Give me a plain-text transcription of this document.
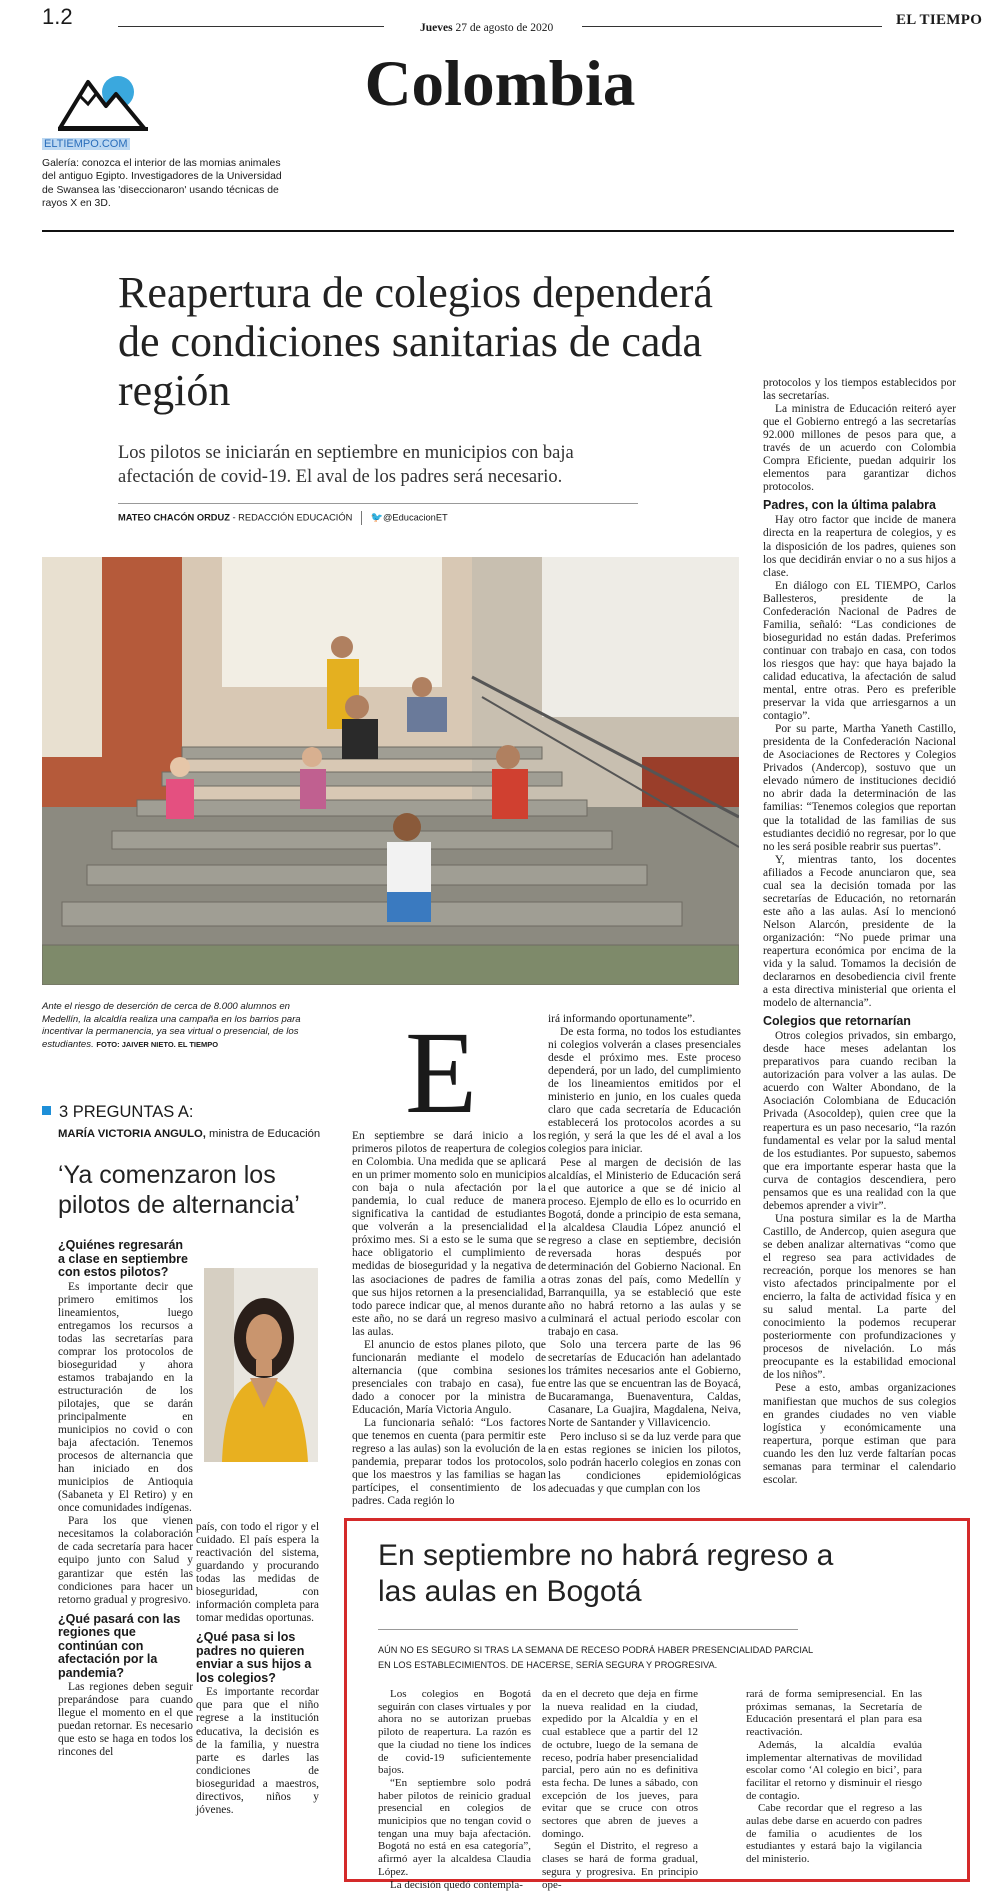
1.2	Jueves 27 de agosto de 2020	EL TIEMPO
Colombia
ELTIEMPO.COM
Galería: conozca el interior de las momias animales del antiguo Egipto. Investigadores de la Universidad de Swansea las 'diseccionaron' usando técnicas de rayos X en 3D.
Reapertura de colegios dependerá de condiciones sanitarias de cada región
Los pilotos se iniciarán en septiembre en municipios con baja afectación de covid-19. El aval de los padres será necesario.
MATEO CHACÓN ORDUZ - REDACCIÓN EDUCACIÓN 🐦@EducacionET
Ante el riesgo de deserción de cerca de 8.000 alumnos en Medellín, la alcaldía realiza una campaña en los barrios para incentivar la permanencia, ya sea virtual o presencial, de los estudiantes. FOTO: JAIVER NIETO. EL TIEMPO	E

En septiembre se dará inicio a los primeros pilotos de reapertura de colegios en Colombia. Una medida que se aplicará en un primer momento solo en municipios con baja o nula afectación por la pandemia, lo cual reduce de manera significativa la cantidad de estudiantes que volverán a la presencialidad el próximo mes. Si a esto se le suma que se hace obligatorio el cumplimiento de medidas de bioseguridad y la negativa de las asociaciones de padres de familia a que sus hijos retornen a la presencialidad, todo parece indicar que, al menos durante este año, no se dará un regreso masivo a las aulas.

El anuncio de estos planes piloto, que funcionarán mediante el modelo de alternancia (que combina sesiones presenciales con trabajo en casa), fue dado a conocer por la ministra de Educación, María Victoria Angulo.

La funcionaria señaló: “Los factores que tenemos en cuenta (para permitir este regreso a las aulas) son la evolución de la pandemia, preparar todos los protocolos, que los maestros y las familias se hagan partícipes, el consentimiento de los padres. Cada región lo

irá informando oportunamente”.

De esta forma, no todos los estudiantes ni colegios volverán a clases presenciales desde el próximo mes. Este proceso dependerá, por un lado, del cumplimiento de los lineamientos emitidos por el ministerio en junio, en los cuales queda claro que cada secretaría de Educación establecerá los protocolos acordes a su región, y será la que les dé el aval a los colegios para iniciar.

Pese al margen de decisión de las alcaldías, el Ministerio de Educación será el que autorice a que se dé inicio al proceso. Ejemplo de ello es lo ocurrido en Bogotá, donde a principio de esta semana, la alcaldesa Claudia López anunció el regreso a clase en septiembre, decisión reversada horas después por determinación del Gobierno Nacional. En otras zonas del país, como Medellín y Barranquilla, ya se estableció que este año no habrá retorno a las aulas y se culminará el actual periodo escolar con trabajo en casa.

Solo una tercera parte de las 96 secretarías de Educación han adelantado los trámites necesarios ante el Gobierno, entre las que se encuentran las de Boyacá, Bucaramanga, Buenaventura, Caldas, Casanare, La Guajira, Magdalena, Neiva, Norte de Santander y Villavicencio.

Pero incluso si se da luz verde para que en estas regiones se inicien los pilotos, solo podrán hacerlo colegios en zonas con las condiciones epidemiológicas adecuadas y que cumplan con los

protocolos y los tiempos establecidos por las secretarías.

La ministra de Educación reiteró ayer que el Gobierno entregó a las secretarías 92.000 millones de pesos para que, a través de un acuerdo con Colombia Compra Eficiente, puedan adquirir los elementos para garantizar dichos protocolos.

Padres, con la última palabra

Hay otro factor que incide de manera directa en la reapertura de colegios, y es la disposición de los padres, quienes son los que decidirán enviar o no a sus hijos a clase.

En diálogo con EL TIEMPO, Carlos Ballesteros, presidente de la Confederación Nacional de Padres de Familia, señaló: “Las condiciones de bioseguridad no están dadas. Preferimos continuar con trabajo en casa, con todos los riesgos que hay: que haya bajado la calidad educativa, la afectación de salud mental, entre otras. Pero es preferible preservar la vida que arriesgarnos a un contagio”.

Por su parte, Martha Yaneth Castillo, presidenta de la Confederación Nacional de Asociaciones de Rectores y Colegios Privados (Andercop), sostuvo que un elevado número de instituciones decidió no abrir dada la determinación de las familias: “Tenemos colegios que reportan que la totalidad de las familias de sus estudiantes decidió no regresar, por lo que no les será posible reabrir sus puertas”.

Y, mientras tanto, los docentes afiliados a Fecode anunciaron que, sea cual sea la decisión tomada por las secretarías de Educación, no retornarán este año a las aulas. Así lo mencionó Nelson Alarcón, presidente de la organización: “No puede primar una reapertura económica por encima de la vida y la salud. Tomamos la decisión de declararnos en desobediencia civil frente a esta directiva ministerial que orienta el modelo de alternancia”.

Colegios que retornarían

Otros colegios privados, sin embargo, desde hace meses adelantan los preparativos para cuando reciban la autorización para volver a las aulas. De acuerdo con Walter Abondano, de la Asociación Colombiana de Educación Privada (Asocoldep), quien cree que la reapertura es un paso necesario, “la razón fundamental es velar por la salud mental de los estudiantes. Por supuesto, sabemos que era importante esperar hasta que la curva de contagios descendiera, pero pensamos que es una realidad con la que debemos aprender a vivir”.

Una postura similar es la de Martha Castillo, de Andercop, quien asegura que se deben analizar alternativas “como que el regreso sea para actividades de recreación, porque los menores se han visto afectados principalmente por el encierro, la falta de actividad física y en su salud mental. La parte del conocimiento la podemos recuperar posteriormente con profundizaciones y procesos de nivelación. Lo más preocupante es la estabilidad emocional de los niños”.

Pese a esto, ambas organizaciones manifiestan que muchos de sus colegios en grandes ciudades no ven viable logística y económicamente una reapertura, porque estiman que para cuando les den luz verde faltarían pocas semanas para terminar el calendario escolar.

3 PREGUNTAS A:
MARÍA VICTORIA ANGULO, ministra de Educación
‘Ya comenzaron los pilotos de alternancia’
¿Quiénes regresarán a clase en septiembre con estos pilotos?

Es importante decir que primero emitimos los lineamientos, luego entregamos los recursos a todas las secretarías para comprar los protocolos de bioseguridad y ahora estamos trabajando en la estructuración de los pilotajes, que se darán principalmente en municipios no covid o con baja afectación. Tenemos procesos de alternancia que han iniciado en dos municipios de Antioquia (Sabaneta y El Retiro) y en once comunidades indígenas.

Para los que vienen necesitamos la colaboración de cada secretaría para hacer equipo junto con Salud y garantizar que estén las condiciones para hacer un retorno gradual y progresivo.

¿Qué pasará con las regiones que continúan con afectación por la pandemia?

Las regiones deben seguir preparándose para cuando llegue el momento en el que puedan retornar. Es necesario que esto se haga en todos los rincones del

país, con todo el rigor y el cuidado. El país espera la reactivación del sistema, guardando y procurando todas las medidas de bioseguridad, con información completa para tomar medidas oportunas.

¿Qué pasa si los padres no quieren enviar a sus hijos a los colegios?

Es importante recordar que para que el niño regrese a la institución educativa, la decisión es de la familia, y nuestra parte es darles las condiciones de bioseguridad a maestros, directivos, niños y jóvenes.

En septiembre no habrá regreso a las aulas en Bogotá
AÚN NO ES SEGURO SI TRAS LA SEMANA DE RECESO PODRÁ HABER PRESENCIALIDAD PARCIAL EN LOS ESTABLECIMIENTOS. DE HACERSE, SERÍA SEGURA Y PROGRESIVA.

Los colegios en Bogotá seguirán con clases virtuales y por ahora no se autorizan pruebas piloto de reapertura. La razón es que la ciudad no tiene los índices de covid-19 suficientemente bajos.

“En septiembre solo podrá haber pilotos de reinicio gradual presencial en colegios de municipios que no tengan covid o tengan una muy baja afectación. Bogotá no está en esa categoría”, afirmó ayer la alcaldesa Claudia López.

La decisión quedó contempla-

da en el decreto que deja en firme la nueva realidad en la ciudad, expedido por la Alcaldía y en el cual establece que a partir del 12 de octubre, luego de la semana de receso, podría haber presencialidad parcial, pero aún no es definitiva esta fecha. De lunes a sábado, con excepción de los jueves, para evitar que se cruce con otros sectores que abren de jueves a domingo.

Según el Distrito, el regreso a clases se hará de forma gradual, segura y progresiva. En principio ope-

rará de forma semipresencial. En las próximas semanas, la Secretaría de Educación presentará el plan para esa reactivación.

Además, la alcaldía evalúa implementar alternativas de movilidad escolar como ‘Al colegio en bici’, para facilitar el retorno y disminuir el riesgo de contagio.

Cabe recordar que el regreso a las aulas debe darse en acuerdo con padres de familia o acudientes de los estudiantes y estará bajo la vigilancia del ministerio.
